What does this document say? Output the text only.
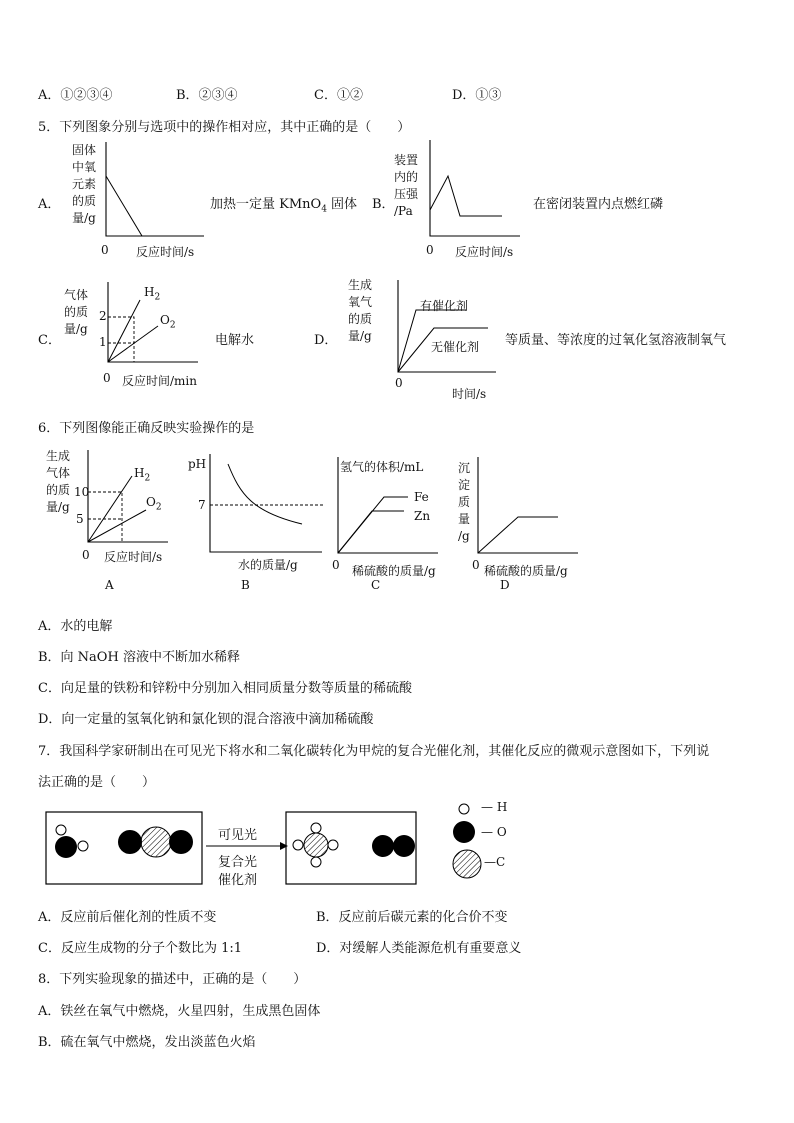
A．①②③④	B．②③④	C．①②	D．①③
5．下列图象分别与选项中的操作相对应，其中正确的是（　　）
A．
固体
中氧
元素
的质
量/g
0 反应时间/s
加热一定量 KMnO$_4$ 固体 B．
装置
内的
压强
/Pa
0 反应时间/s
在密闭装置内点燃红磷
C．
气体
的质
量/g
2
1
$H_2$
$O_2$
0 反应时间/min
电解水	D．
生成
氧气
的质
量/g
有催化剂
无催化剂
0
时间/s
等质量、等浓度的过氧化氢溶液制氧气
6．下列图像能正确反映实验操作的是
生成
气体
的质
量/g
10
5
$H_2$
$O_2$
0 反应时间/s
A
pH
7
水的质量/g
B
氢气的体积/mL
Fe
Zn
0 稀硫酸的质量/g
C
沉
淀
质
量
/g
0 稀硫酸的质量/g
D
A．水的电解
B．向 NaOH 溶液中不断加水稀释
C．向足量的铁粉和锌粉中分别加入相同质量分数等质量的稀硫酸
D．向一定量的氢氧化钠和氯化钡的混合溶液中滴加稀硫酸
7．我国科学家研制出在可见光下将水和二氧化碳转化为甲烷的复合光催化剂，其催化反应的微观示意图如下，下列说
法正确的是（　　）
可见光
复合光
催化剂
— H
— O
—C
A．反应前后催化剂的性质不变	B．反应前后碳元素的化合价不变
C．反应生成物的分子个数比为 1:1	D．对缓解人类能源危机有重要意义
8．下列实验现象的描述中，正确的是（　　）
A．铁丝在氧气中燃烧，火星四射，生成黑色固体
B．硫在氧气中燃烧，发出淡蓝色火焰
